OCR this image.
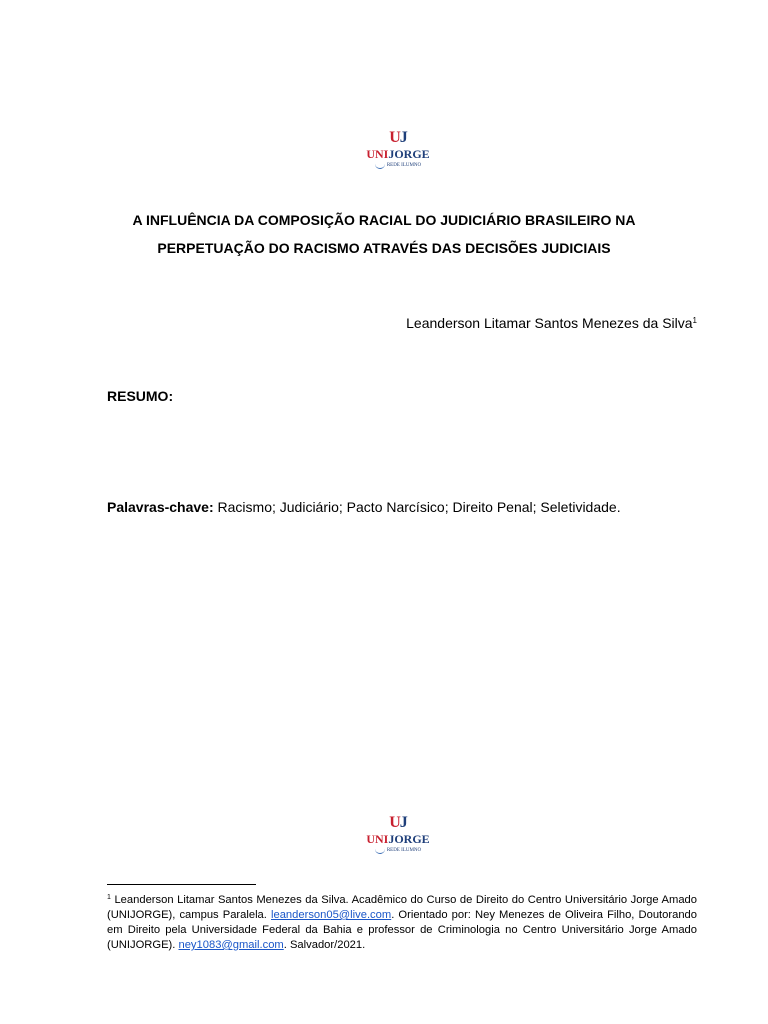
UJ
UNIJORGE
REDE ILUMNO
A INFLUÊNCIA DA COMPOSIÇÃO RACIAL DO JUDICIÁRIO BRASILEIRO NA
PERPETUAÇÃO DO RACISMO ATRAVÉS DAS DECISÕES JUDICIAIS
Leanderson Litamar Santos Menezes da Silva$^1$
RESUMO:
Palavras-chave: Racismo; Judiciário; Pacto Narcísico; Direito Penal; Seletividade.
UJ
UNIJORGE
REDE ILUMNO
$^1$ Leanderson Litamar Santos Menezes da Silva. Acadêmico do Curso de Direito do Centro Universitário Jorge Amado (UNIJORGE), campus Paralela. leanderson05@live.com. Orientado por: Ney Menezes de Oliveira Filho, Doutorando em Direito pela Universidade Federal da Bahia e professor de Criminologia no Centro Universitário Jorge Amado (UNIJORGE). ney1083@gmail.com. Salvador/2021.
